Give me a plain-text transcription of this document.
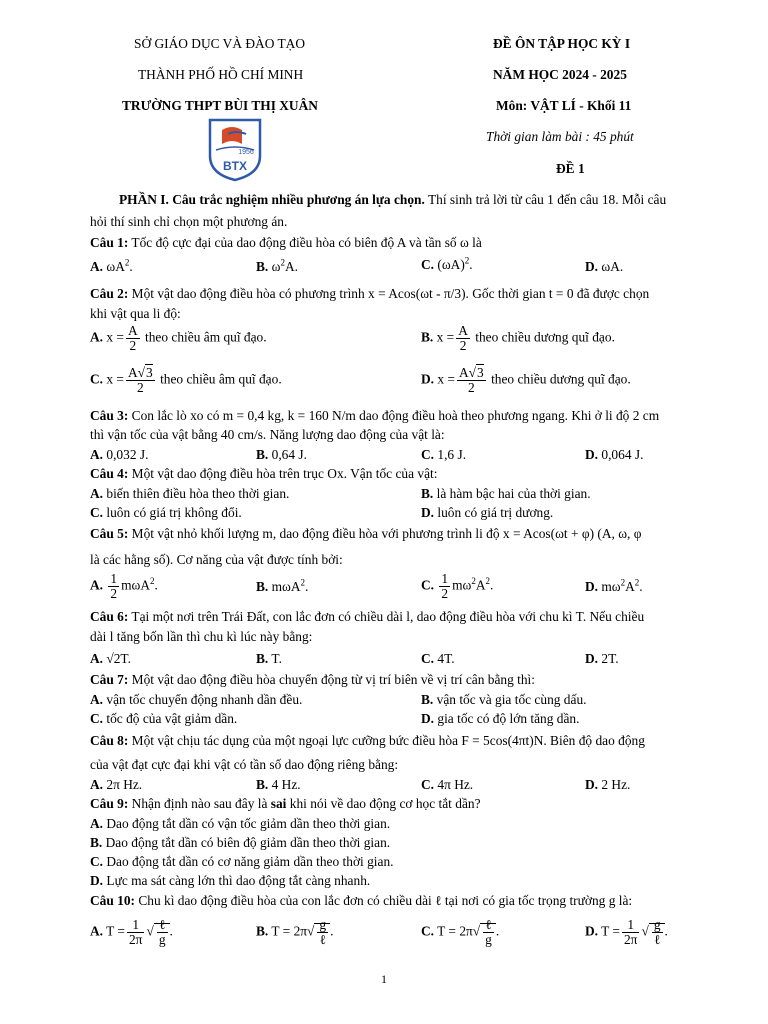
SỞ GIÁO DỤC VÀ ĐÀO TẠO
THÀNH PHỐ HỒ CHÍ MINH
TRƯỜNG THPT BÙI THỊ XUÂN
1956
BTX
ĐỀ ÔN TẬP HỌC KỲ I
NĂM HỌC 2024 - 2025
Môn: VẬT LÍ - Khối 11
Thời gian làm bài : 45 phút
ĐỀ 1
PHẦN I. Câu trắc nghiệm nhiều phương án lựa chọn. Thí sinh trả lời từ câu 1 đến câu 18. Mỗi câu
hỏi thí sinh chỉ chọn một phương án.
Câu 1: Tốc độ cực đại của dao động điều hòa có biên độ A và tần số ω là
A. $\omega A^2$.	B. $\omega^2A$.	C. $(\omega A)^2$.	D. ωA.
Câu 2: Một vật dao động điều hòa có phương trình x = Acos(ωt - π/3). Gốc thời gian t = 0 đã được chọn
khi vật qua li độ:
A. $x = \frac{A}{2}$ theo chiều âm quĩ đạo.	B. $x = \frac{A}{2}$ theo chiều dương quĩ đạo.
C. $x = \frac{A√3}{2}$ theo chiều âm quĩ đạo.	D. $x = \frac{A√3}{2}$ theo chiều dương quĩ đạo.
Câu 3: Con lắc lò xo có m = 0,4 kg, k = 160 N/m dao động điều hoà theo phương ngang. Khi ở li độ 2 cm
thì vận tốc của vật bằng 40 cm/s. Năng lượng dao động của vật là:
A. 0,032 J.	B. 0,64 J.	C. 1,6 J.	D. 0,064 J.
Câu 4: Một vật dao động điều hòa trên trục Ox. Vận tốc của vật:
A. biến thiên điều hòa theo thời gian.	B. là hàm bậc hai của thời gian.
C. luôn có giá trị không đổi.	D. luôn có giá trị dương.
Câu 5: Một vật nhỏ khối lượng m, dao động điều hòa với phương trình li độ x = Acos(ωt + φ) (A, ω, φ
là các hằng số). Cơ năng của vật được tính bởi:
A. $\frac{1}{2} m\omega A^2$.	B. mωA$^2$.	C. $\frac{1}{2} m\omega^2A^2$.	D. $m\omega^2A^2$.
Câu 6: Tại một nơi trên Trái Đất, con lắc đơn có chiều dài l, dao động điều hòa với chu kì T. Nếu chiều
dài l tăng bốn lần thì chu kì lúc này bằng:
A. √2T.	B. T.	C. 4T.	D. 2T.
Câu 7: Một vật dao động điều hòa chuyển động từ vị trí biên về vị trí cân bằng thì:
A. vận tốc chuyển động nhanh dần đều.	B. vận tốc và gia tốc cùng dấu.
C. tốc độ của vật giảm dần.	D. gia tốc có độ lớn tăng dần.
Câu 8: Một vật chịu tác dụng của một ngoại lực cưỡng bức điều hòa F = 5cos(4πt)N. Biên độ dao động
của vật đạt cực đại khi vật có tần số dao động riêng bằng:
A. 2π Hz.	B. 4 Hz.	C. 4π Hz.	D. 2 Hz.
Câu 9: Nhận định nào sau đây là sai khi nói về dao động cơ học tắt dần?
A. Dao động tắt dần có vận tốc giảm dần theo thời gian.
B. Dao động tắt dần có biên độ giảm dần theo thời gian.
C. Dao động tắt dần có cơ năng giảm dần theo thời gian.
D. Lực ma sát càng lớn thì dao động tắt càng nhanh.
Câu 10: Chu kì dao động điều hòa của con lắc đơn có chiều dài ℓ tại nơi có gia tốc trọng trường g là:
A. $T = \frac{1}{2\pi}$ √ $\frac{\text{ℓ}}{g}$ .	B. $T = 2\pi√ \frac{g}{\text{ℓ}}$ .	C. $T = 2\pi√ \frac{\text{ℓ}}{g}$ .	D. $T = \frac{1}{2\pi}$ √ $\frac{g}{\text{ℓ}}$ .
1
